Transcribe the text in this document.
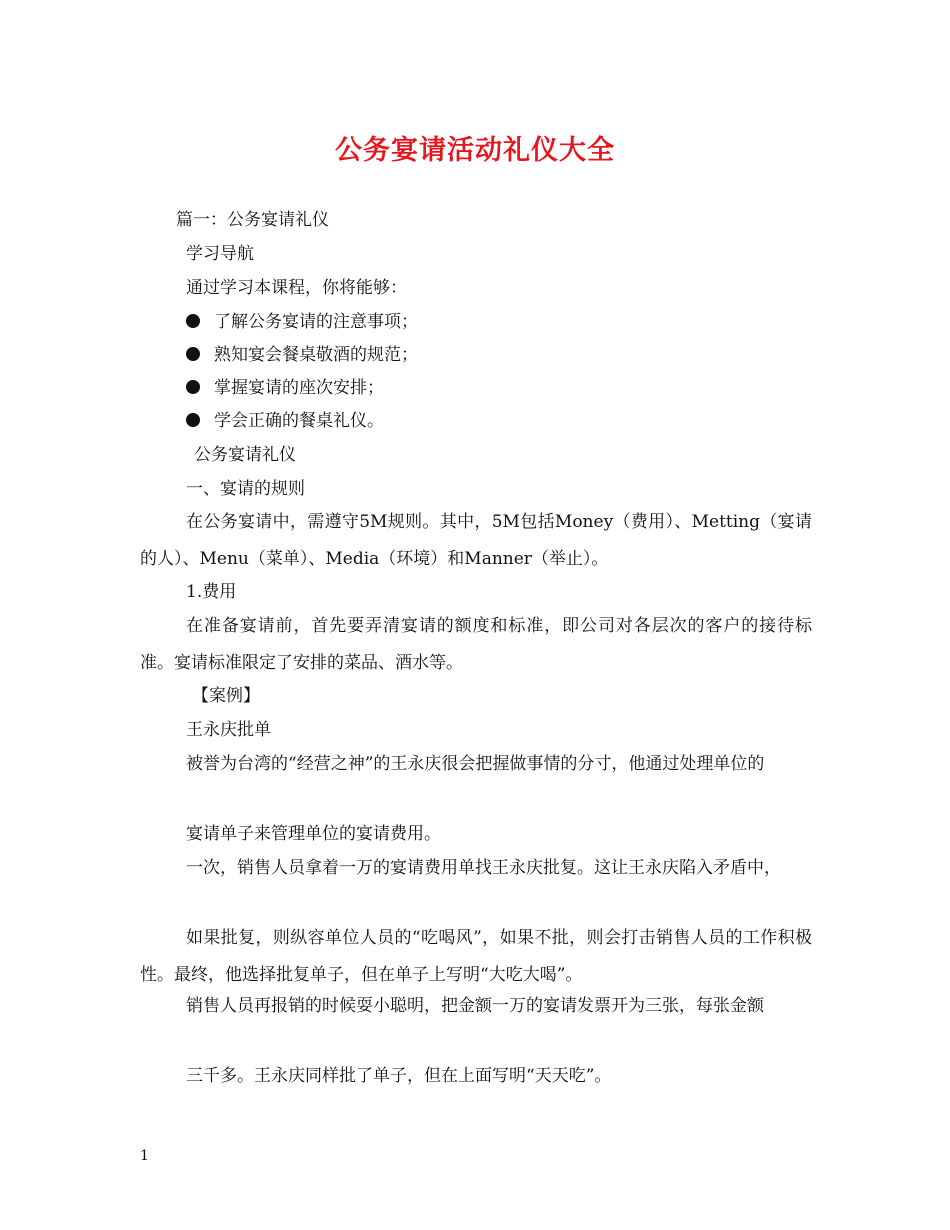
公务宴请活动礼仪大全

篇一：公务宴请礼仪

学习导航

通过学习本课程，你将能够：

了解公务宴请的注意事项；
熟知宴会餐桌敬酒的规范；
掌握宴请的座次安排；
学会正确的餐桌礼仪。

公务宴请礼仪

一、宴请的规则

在公务宴请中，需遵守5M规则。其中，5M包括Money（费用）、Metting（宴请的人）、Menu（菜单）、Media（环境）和Manner（举止）。

1.费用

在准备宴请前，首先要弄清宴请的额度和标准，即公司对各层次的客户的接待标准。宴请标准限定了安排的菜品、酒水等。

【案例】

王永庆批单

被誉为台湾的“经营之神”的王永庆很会把握做事情的分寸，他通过处理单位的

宴请单子来管理单位的宴请费用。

一次，销售人员拿着一万的宴请费用单找王永庆批复。这让王永庆陷入矛盾中，

如果批复，则纵容单位人员的“吃喝风”，如果不批，则会打击销售人员的工作积极性。最终，他选择批复单子，但在单子上写明“大吃大喝”。

销售人员再报销的时候耍小聪明，把金额一万的宴请发票开为三张，每张金额

三千多。王永庆同样批了单子，但在上面写明“天天吃”。

1
